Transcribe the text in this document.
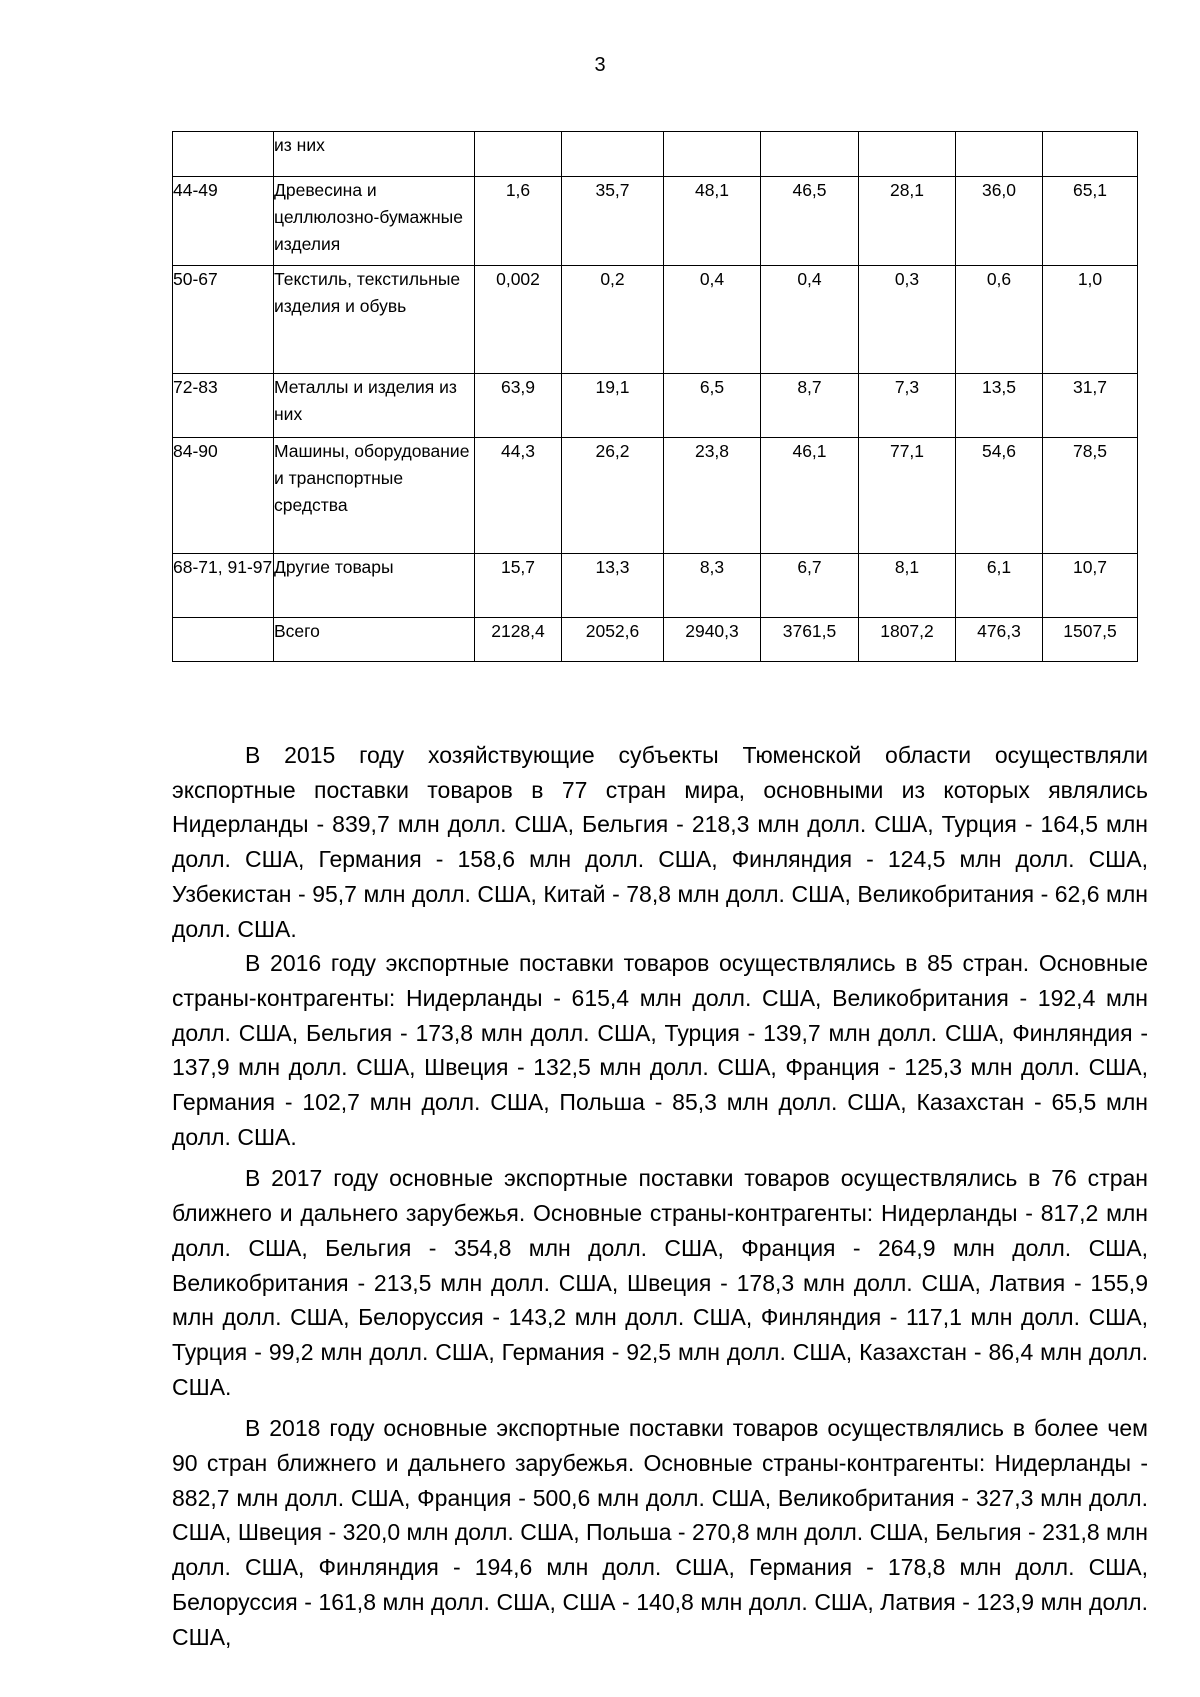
3
	из них							
44-49	Древесина и целлюлозно-бумажные изделия	1,6	35,7	48,1	46,5	28,1	36,0	65,1
50-67	Текстиль, текстильные изделия и обувь	0,002	0,2	0,4	0,4	0,3	0,6	1,0
72-83	Металлы и изделия из них	63,9	19,1	6,5	8,7	7,3	13,5	31,7
84-90	Машины, оборудование и транспортные средства	44,3	26,2	23,8	46,1	77,1	54,6	78,5
68-71, 91-97	Другие товары	15,7	13,3	8,3	6,7	8,1	6,1	10,7
	Всего	2128,4	2052,6	2940,3	3761,5	1807,2	476,3	1507,5

В 2015 году хозяйствующие субъекты Тюменской области осуществляли экспортные поставки товаров в 77 стран мира, основными из которых являлись Нидерланды - 839,7 млн долл. США, Бельгия - 218,3 млн долл. США, Турция - 164,5 млн долл. США, Германия - 158,6 млн долл. США, Финляндия - 124,5 млн долл. США, Узбекистан - 95,7 млн долл. США, Китай - 78,8 млн долл. США, Великобритания - 62,6 млн долл. США.

В 2016 году экспортные поставки товаров осуществлялись в 85 стран. Основные страны-контрагенты: Нидерланды - 615,4 млн долл. США, Великобритания - 192,4 млн долл. США, Бельгия - 173,8 млн долл. США, Турция - 139,7 млн долл. США, Финляндия - 137,9 млн долл. США, Швеция - 132,5 млн долл. США, Франция - 125,3 млн долл. США, Германия - 102,7 млн долл. США, Польша - 85,3 млн долл. США, Казахстан - 65,5 млн долл. США.

В 2017 году основные экспортные поставки товаров осуществлялись в 76 стран ближнего и дальнего зарубежья. Основные страны-контрагенты: Нидерланды - 817,2 млн долл. США, Бельгия - 354,8 млн долл. США, Франция - 264,9 млн долл. США, Великобритания - 213,5 млн долл. США, Швеция - 178,3 млн долл. США, Латвия - 155,9 млн долл. США, Белоруссия - 143,2 млн долл. США, Финляндия - 117,1 млн долл. США, Турция - 99,2 млн долл. США, Германия - 92,5 млн долл. США, Казахстан - 86,4 млн долл. США.

В 2018 году основные экспортные поставки товаров осуществлялись в более чем 90 стран ближнего и дальнего зарубежья. Основные страны-контрагенты: Нидерланды - 882,7 млн долл. США, Франция - 500,6 млн долл. США, Великобритания - 327,3 млн долл. США, Швеция - 320,0 млн долл. США, Польша - 270,8 млн долл. США, Бельгия - 231,8 млн долл. США, Финляндия - 194,6 млн долл. США, Германия - 178,8 млн долл. США, Белоруссия - 161,8 млн долл. США, США - 140,8 млн долл. США, Латвия - 123,9 млн долл. США,
